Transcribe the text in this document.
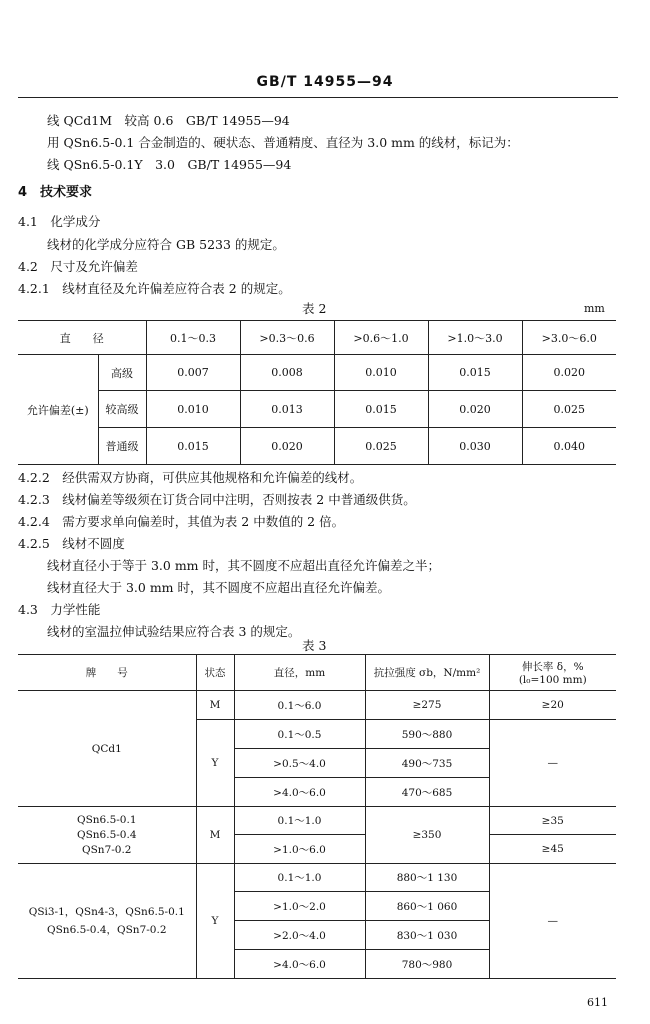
GB/T 14955—94
线 QCd1M　较高 0.6　GB/T 14955—94
用 QSn6.5-0.1 合金制造的、硬状态、普通精度、直径为 3.0 mm 的线材，标记为：
线 QSn6.5-0.1Y　3.0　GB/T 14955—94
4　技术要求
4.1　化学成分
线材的化学成分应符合 GB 5233 的规定。
4.2　尺寸及允许偏差
4.2.1　线材直径及允许偏差应符合表 2 的规定。
表 2	mm
直　　径		0.1～0.3	>0.3～0.6	>0.6～1.0	>1.0～3.0	>3.0～6.0
允许偏差(±)	高级	0.007	0.008	0.010	0.015	0.020
	较高级	0.010	0.013	0.015	0.020	0.025
	普通级	0.015	0.020	0.025	0.030	0.040
4.2.2　经供需双方协商，可供应其他规格和允许偏差的线材。
4.2.3　线材偏差等级须在订货合同中注明，否则按表 2 中普通级供货。
4.2.4　需方要求单向偏差时，其值为表 2 中数值的 2 倍。
4.2.5　线材不圆度
线材直径小于等于 3.0 mm 时，其不圆度不应超出直径允许偏差之半；
线材直径大于 3.0 mm 时，其不圆度不应超出直径允许偏差。
4.3　力学性能
线材的室温拉伸试验结果应符合表 3 的规定。
表 3
牌　　号	状态	直径，mm	抗拉强度 σb，N/mm²	伸长率 δ，%
(l₀=100 mm)

QCd1	M	0.1～6.0	≥275	≥20
	Y	0.1～0.5	590～880	—
		>0.5～4.0	490～735	
		>4.0～6.0	470～685	

QSn6.5-0.1
QSn6.5-0.4
QSn7-0.2	M	0.1～1.0	≥350	≥35
		>1.0～6.0		≥45

QSi3-1，QSn4-3，QSn6.5-0.1
QSn6.5-0.4，QSn7-0.2	Y	0.1～1.0	880～1 130	—
		>1.0～2.0	860～1 060	
		>2.0～4.0	830～1 030	
		>4.0～6.0	780～980	
611
